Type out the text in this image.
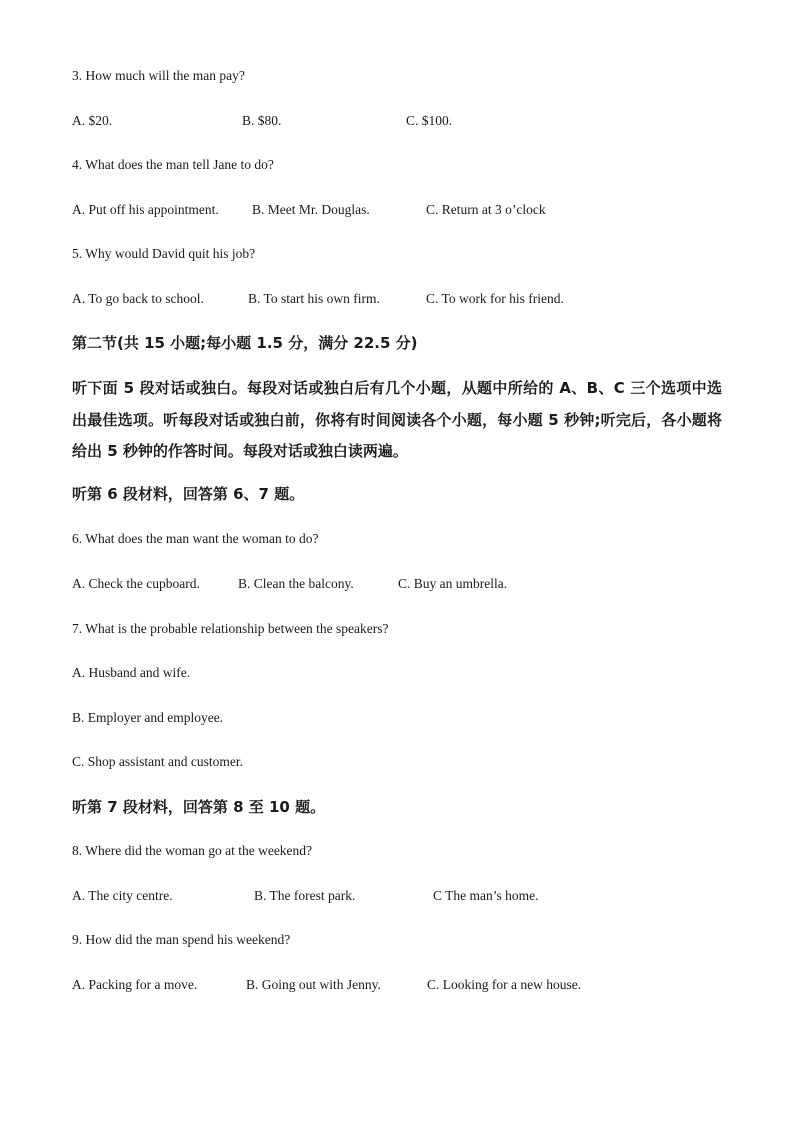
3. How much will the man pay?
A. $20.	B. $80.	C. $100.
4. What does the man tell Jane to do?
A. Put off his appointment. B. Meet Mr. Douglas.	C. Return at 3 o’clock
5. Why would David quit his job?
A. To go back to school.	B. To start his own firm.	C. To work for his friend.
第二节(共 15 小题;每小题 1.5 分，满分 22.5 分)

听下面 5 段对话或独白。每段对话或独白后有几个小题，从题中所给的 A、B、C 三个选项中选出最佳选项。听每段对话或独白前，你将有时间阅读各个小题，每小题 5 秒钟;听完后，各小题将给出 5 秒钟的作答时间。每段对话或独白读两遍。

听第 6 段材料，回答第 6、7 题。
6. What does the man want the woman to do?
A. Check the cupboard.	B. Clean the balcony.	C. Buy an umbrella.
7. What is the probable relationship between the speakers?
A. Husband and wife.
B. Employer and employee.
C. Shop assistant and customer.
听第 7 段材料，回答第 8 至 10 题。
8. Where did the woman go at the weekend?
A. The city centre.	B. The forest park.	C The man’s home.
9. How did the man spend his weekend?
A. Packing for a move.	B. Going out with Jenny.	C. Looking for a new house.
